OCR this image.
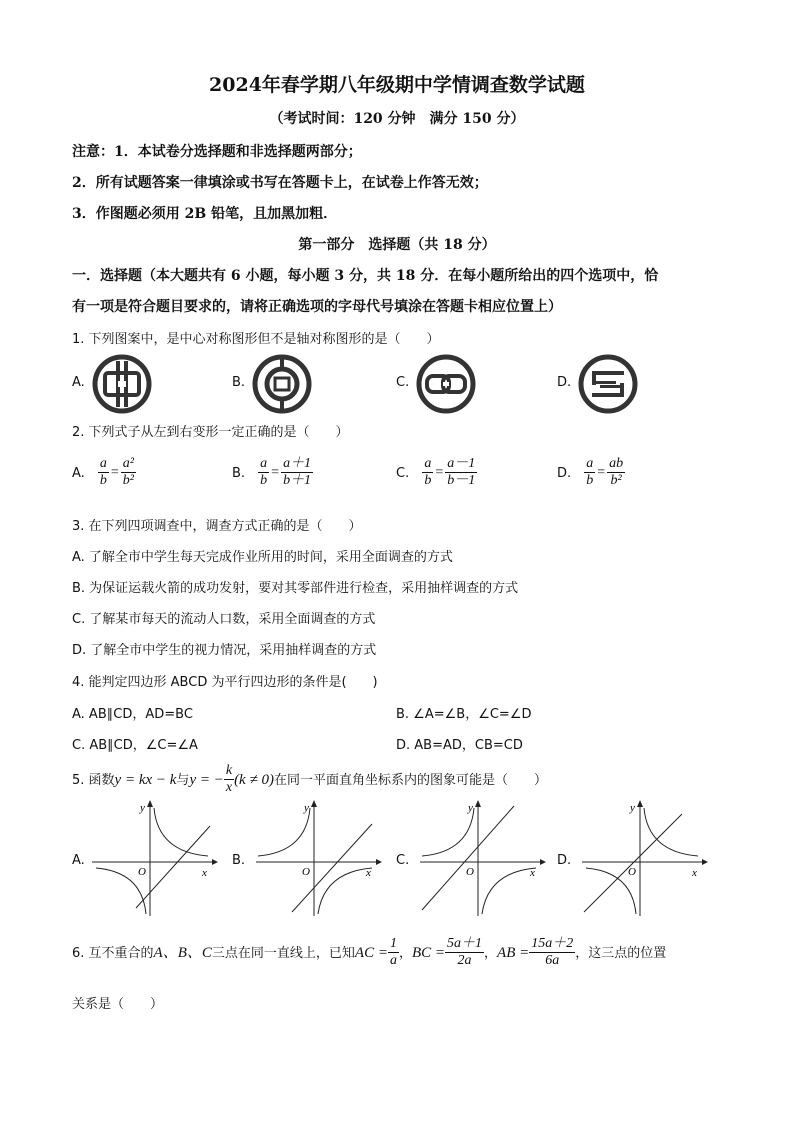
2024年春学期八年级期中学情调查数学试题
（考试时间：120 分钟　满分 150 分）
注意：1．本试卷分选择题和非选择题两部分；
2．所有试题答案一律填涂或书写在答题卡上，在试卷上作答无效；
3．作图题必须用 2B 铅笔，且加黑加粗．
第一部分　选择题（共 18 分）
一．选择题（本大题共有 6 小题，每小题 3 分，共 18 分．在每小题所给出的四个选项中，恰
有一项是符合题目要求的，请将正确选项的字母代号填涂在答题卡相应位置上）
1. 下列图案中，是中心对称图形但不是轴对称图形的是（　　）
A.	B.	C.	D.
2. 下列式子从左到右变形一定正确的是（　　）
A. $\frac{a}{b} = \frac{\text{a²}}{\text{b²}}$	B. $\frac{a}{b} = \frac{a+1}{b+1}$	C. $\frac{a}{b} = \frac{a-1}{b-1}$	D. $\frac{a}{b} = \frac{ab}{\text{b²}}$
3. 在下列四项调查中，调查方式正确的是（　　）
A. 了解全市中学生每天完成作业所用的时间，采用全面调查的方式
B. 为保证运载火箭的成功发射，要对其零部件进行检查，采用抽样调查的方式
C. 了解某市每天的流动人口数，采用全面调查的方式
D. 了解全市中学生的视力情况，采用抽样调查的方式
4. 能判定四边形 ABCD 为平行四边形的条件是(　　)
A. AB∥CD，AD=BC	B. ∠A=∠B，∠C=∠D
C. AB∥CD，∠C=∠A	D. AB=AD，CB=CD
5. 函数y = kx − k与y = − $\frac{k}{x} (k \ne 0)$在同一平面直角坐标系内的图象可能是（　　）
A.	B.	C.	D.
y
x
O
y
x
O
y
x
O
y
x
O
6. 互不重合的A、B、C三点在同一直线上，已知AC = $\frac{1}{a}$ ，BC = $\frac{5a+1}{2a}$ ，AB = $\frac{15a+2}{6a}$ ，这三点的位置
关系是（　　）
